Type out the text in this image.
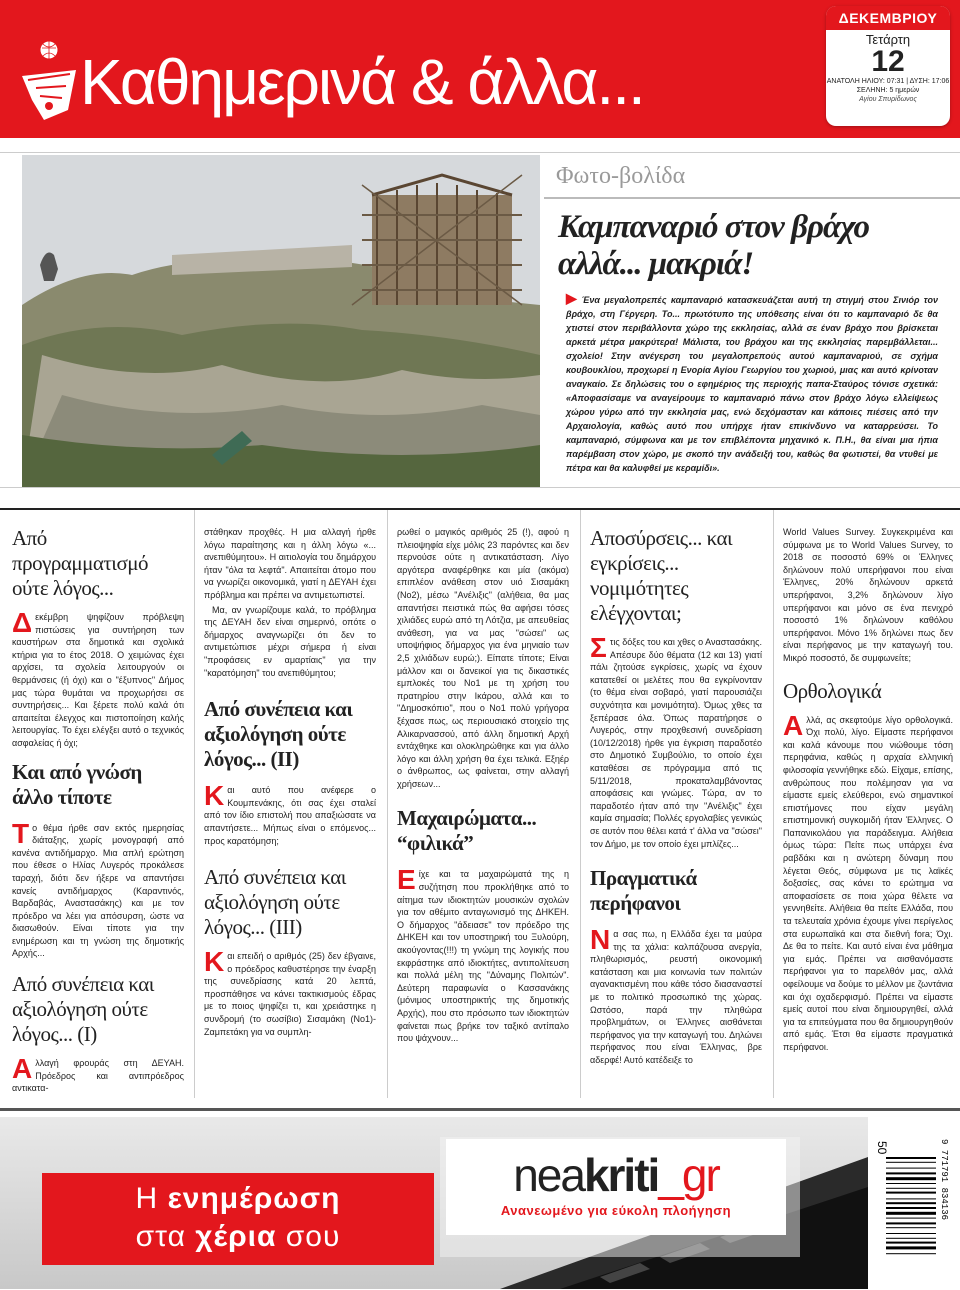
Καθημερινά & άλλα...
ΔΕΚΕΜΒΡΙΟΥ
Τετάρτη
12
ΑΝΑΤΟΛΗ ΗΛΙΟΥ: 07:31 | ΔΥΣΗ: 17:06
ΣΕΛΗΝΗ: 5 ημερών
Αγίου Σπυρίδωνος
Φωτο-βολίδα
Καμπαναριό στον βράχο αλλά... μακριά!
▶ Ένα μεγαλοπρεπές καμπαναριό κατασκευάζεται αυτή τη στιγμή στου Σινιόρ τον βράχο, στη Γέργερη. Το... πρωτότυπο της υπόθεσης είναι ότι το καμπαναριό δε θα χτιστεί στον περιβάλλοντα χώρο της εκκλησίας, αλλά σε έναν βράχο που βρίσκεται αρκετά μέτρα μακρύτερα! Μάλιστα, του βράχου και της εκκλησίας παρεμβάλλεται... σχολείο! Στην ανέγερση του μεγαλοπρεπούς αυτού καμπαναριού, σε σχήμα κουβουκλίου, προχωρεί η Ενορία Αγίου Γεωργίου του χωριού, μιας και αυτό κρίνοταν αναγκαίο. Σε δηλώσεις του ο εφημέριος της περιοχής παπα-Σταύρος τόνισε σχετικά: «Αποφασίσαμε να αναγείρουμε το καμπαναριό πάνω στον βράχο λόγω ελλείψεως χώρου γύρω από την εκκλησία μας, ενώ δεχόμασταν και κάποιες πιέσεις από την Αρχαιολογία, καθώς αυτό που υπήρχε ήταν επικίνδυνο να καταρρεύσει. Το καμπαναριό, σύμφωνα και με τον επιβλέποντα μηχανικό κ. Π.Η., θα είναι μια ήπια παρέμβαση στον χώρο, με σκοπό την ανάδειξή του, καθώς θα φωτιστεί, θα ντυθεί με πέτρα και θα καλυφθεί με κεραμίδι».
Από προγραμματισμό ούτε λόγος...

Δεκέμβρη ψηφίζουν πρόβλεψη πιστώσεις για συντήρηση των καυστήρων στα δημοτικά και σχολικά κτήρια για το έτος 2018. Ο χειμώνας έχει αρχίσει, τα σχολεία λειτουργούν οι θερμάνσεις (ή όχι) και ο "έξυπνος" Δήμος μας τώρα θυμάται να προχωρήσει σε συντηρήσεις... Και ξέρετε πολύ καλά ότι απαιτείται έλεγχος και πιστοποίηση καλής λειτουργίας. Το έχει ελέγξει αυτό ο τεχνικός ασφαλείας ή όχι;

Και από γνώση άλλο τίποτε

Το θέμα ήρθε σαν εκτός ημερησίας διάταξης, χωρίς μονογραφή από κανένα αντιδήμαρχο. Μια απλή ερώτηση που έθεσε ο Ηλίας Λυγερός προκάλεσε ταραχή, διότι δεν ήξερε να απαντήσει κανείς αντιδήμαρχος (Καραντινός, Βαρδαβάς, Αναστασάκης) και με τον πρόεδρο να λέει για απόσυρση, ώστε να διασωθούν. Είναι τίποτε για την ενημέρωση και τη γνώση της δημοτικής Αρχής...

Από συνέπεια και αξιολόγηση ούτε λόγος... (Ι)

Αλλαγή φρουράς στη ΔΕΥΑΗ. Πρόεδρος και αντιπρόεδρος αντικατα-

στάθηκαν προχθές. Η μια αλλαγή ήρθε λόγω παραίτησης και η άλλη λόγω «... ανεπιθύμητου». Η αιτιολογία του δημάρχου ήταν "όλα τα λεφτά". Απαιτείται άτομο που να γνωρίζει οικονομικά, γιατί η ΔΕΥΑΗ έχει πρόβλημα και πρέπει να αντιμετωπιστεί.

Μα, αν γνωρίζουμε καλά, το πρόβλημα της ΔΕΥΑΗ δεν είναι σημερινό, οπότε ο δήμαρχος αναγνωρίζει ότι δεν το αντιμετώπισε μέχρι σήμερα ή είναι "προφάσεις εν αμαρτίαις" για την "καρατόμηση" του ανεπιθύμητου;

Από συνέπεια και αξιολόγηση ούτε λόγος... (ΙΙ)

Και αυτό που ανέφερε ο Κουμπενάκης, ότι σας έχει σταλεί από τον ίδιο επιστολή που απαξιώσατε να απαντήσετε... Μήπως είναι ο επόμενος... προς καρατόμηση;

Από συνέπεια και αξιολόγηση ούτε λόγος... (ΙΙΙ)

Και επειδή ο αριθμός (25) δεν έβγαινε, ο πρόεδρος καθυστέρησε την έναρξη της συνεδρίασης κατά 20 λεπτά, προσπάθησε να κάνει τακτικισμούς έδρας με το ποιος ψηφίζει τι, και χρειάστηκε η συνδρομή (το σωσίβιο) Σισαμάκη (Νο1)-Ζαμπετάκη για να συμπλη-

ρωθεί ο μαγικός αριθμός 25 (!), αφού η πλειοψηφία είχε μόλις 23 παρόντες και δεν περνούσε ούτε η αντικατάσταση. Λίγο αργότερα αναφέρθηκε και μία (ακόμα) επιπλέον ανάθεση στον υιό Σισαμάκη (Νο2), μέσω "Ανέλιξις" (αλήθεια, θα μας απαντήσει πειστικά πώς θα αφήσει τόσες χιλιάδες ευρώ από τη Λότζια, με απευθείας ανάθεση, για να μας "σώσει" ως υποψήφιος δήμαρχος για ένα μηνιαίο των 2,5 χιλιάδων ευρώ;). Είπατε τίποτε; Είναι μάλλον και οι δανεικοί για τις δικαστικές εμπλοκές του Νο1 με τη χρήση του πρατηρίου στην Ικάρου, αλλά και το "Δημοσκόπιο", που ο Νο1 πολύ γρήγορα ξέχασε πως, ως περιουσιακό στοιχείο της Αλικαρνασσού, από άλλη δημοτική Αρχή εντάχθηκε και ολοκληρώθηκε και για άλλο λόγο και άλλη χρήση θα έχει τελικά. Εξηέρ ο άνθρωπος, ως φαίνεται, στην αλλαγή χρήσεων...

Μαχαιρώματα... “φιλικά”

Είχε και τα μαχαιρώματά της η συζήτηση που προκλήθηκε από το αίτημα των ιδιοκτητών μουσικών σχολών για τον αθέμιτο ανταγωνισμό της ΔΗΚΕΗ. Ο δήμαρχος "άδειασε" τον πρόεδρο της ΔΗΚΕΗ και τον υποστηρική του Ξυλούρη, ακούγοντας(!!!) τη γνώμη της λογικής που εκφράστηκε από ιδιοκτήτες, αντιπολίτευση και πολλά μέλη της "Δύναμης Πολιτών". Δεύτερη παραφωνία ο Κασσανάκης (μόνιμος υποστηρικτής της δημοτικής Αρχής), που στο πρόσωπο των ιδιοκτητών φαίνεται πως βρήκε τον ταξικό αντίπαλο που ψάχνουν...

Αποσύρσεις... και εγκρίσεις... νομιμότητες ελέγχονται;

Στις δόξες του και χθες ο Αναστασάκης. Απέσυρε δύο θέματα (12 και 13) γιατί πάλι ζητούσε εγκρίσεις, χωρίς να έχουν κατατεθεί οι μελέτες που θα εγκρίνονταν (το θέμα είναι σοβαρό, γιατί παρουσιάζει συχνότητα και μονιμότητα). Όμως χθες τα ξεπέρασε όλα. Όπως παρατήρησε ο Λυγερός, στην προχθεσινή συνεδρίαση (10/12/2018) ήρθε για έγκριση παραδοτέο στο Δημοτικό Συμβούλιο, το οποίο έχει καταθέσει σε πρόγραμμα από τις 5/11/2018, προκαταλαμβάνοντας αποφάσεις και γνώμες. Τώρα, αν το παραδοτέο ήταν από την "Ανέλιξις" έχει καμία σημασία; Πολλές εργολαβίες γενικώς σε αυτόν που θέλει κατά τ' άλλα να "σώσει" τον Δήμο, με τον οποίο έχει μπλίζες...

Πραγματικά περήφανοι

Να σας πω, η Ελλάδα έχει τα μαύρα της τα χάλια: καλπάζουσα ανεργία, πληθωρισμός, ρευστή οικονομική κατάσταση και μια κοινωνία των πολιτών αγανακτισμένη που κάθε τόσο διασαναστεί με το πολιτικό προσωπικό της χώρας. Ωστόσο, παρά την πληθώρα προβλημάτων, οι Έλληνες αισθάνεται περήφανος για την καταγωγή του. Δηλώνει περήφανος που είναι Έλληνας, βρε αδερφέ! Αυτό κατέδειξε το

World Values Survey. Συγκεκριμένα και σύμφωνα με το World Values Survey, το 2018 σε ποσοστό 69% οι Έλληνες δηλώνουν πολύ υπερήφανοι που είναι Έλληνες, 20% δηλώνουν αρκετά υπερήφανοι, 3,2% δηλώνουν λίγο υπερήφανοι και μόνο σε ένα πενιχρό ποσοστό 1% δηλώνουν καθόλου υπερήφανοι. Μόνο 1% δηλώνει πως δεν είναι περήφανος με την καταγωγή του. Μικρό ποσοστό, δε συμφωνείτε;

Ορθολογικά

Αλλά, ας σκεφτούμε λίγο ορθολογικά. Όχι πολύ, λίγο. Είμαστε περήφανοι και καλά κάνουμε που νιώθουμε τόση περηφάνια, καθώς η αρχαία ελληνική φιλοσοφία γεννήθηκε εδώ. Είχαμε, επίσης, ανθρώπους που πολέμησαν για να είμαστε εμείς ελεύθεροι, ενώ σημαντικοί επιστήμονες που είχαν μεγάλη επιστημονική συγκομιδή ήταν Έλληνες. Ο Παπανικολάου για παράδειγμα. Αλήθεια όμως τώρα: Πείτε πως υπάρχει ένα ραβδάκι και η ανώτερη δύναμη που λέγεται Θεός, σύμφωνα με τις λαϊκές δοξασίες, σας κάνει το ερώτημα να αποφασίσετε σε ποια χώρα θέλετε να γεννηθείτε. Αλήθεια θα πείτε Ελλάδα, που τα τελευταία χρόνια έχουμε γίνει περίγελος στα ευρωπαϊκά και στα διεθνή fora; Όχι. Δε θα το πείτε. Και αυτό είναι ένα μάθημα για εμάς. Πρέπει να αισθανόμαστε περήφανοι για το παρελθόν μας, αλλά οφείλουμε να δούμε το μέλλον με ζωντάνια και όχι οχαδερφισμό. Πρέπει να είμαστε εμείς αυτοί που είναι δημιουργηθεί, αλλά για τα επιτεύγματα που θα δημιουργηθούν από εμάς. Έτσι θα είμαστε πραγματικά περήφανοι.

Η ενημέρωση
στα χέρια σου
neakriti_gr
Ανανεωμένο για εύκολη πλοήγηση
50	9 771791 834136
